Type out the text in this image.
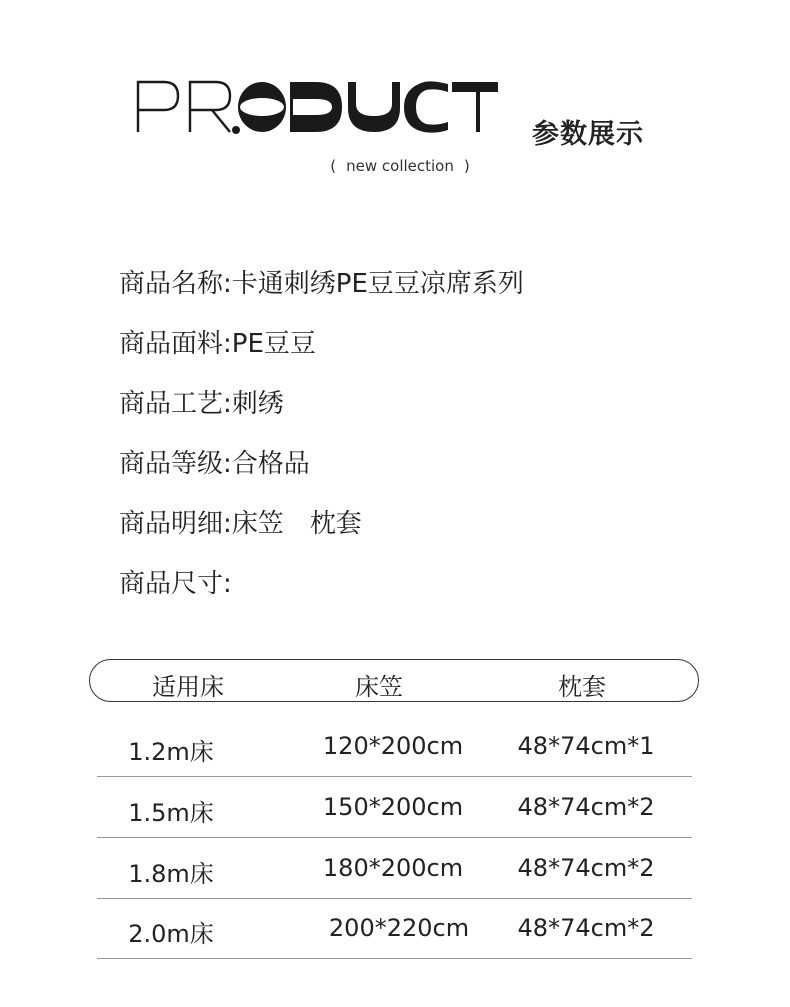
参数展示
( new collection )
商品名称:卡通刺绣PE豆豆凉席系列
商品面料:PE豆豆
商品工艺:刺绣
商品等级:合格品
商品明细:床笠　枕套
商品尺寸:
适用床	床笠	枕套
1.2m床	120*200cm 48*74cm*1
1.5m床	150*200cm 48*74cm*2
1.8m床	180*200cm 48*74cm*2
2.0m床	200*220cm 48*74cm*2
